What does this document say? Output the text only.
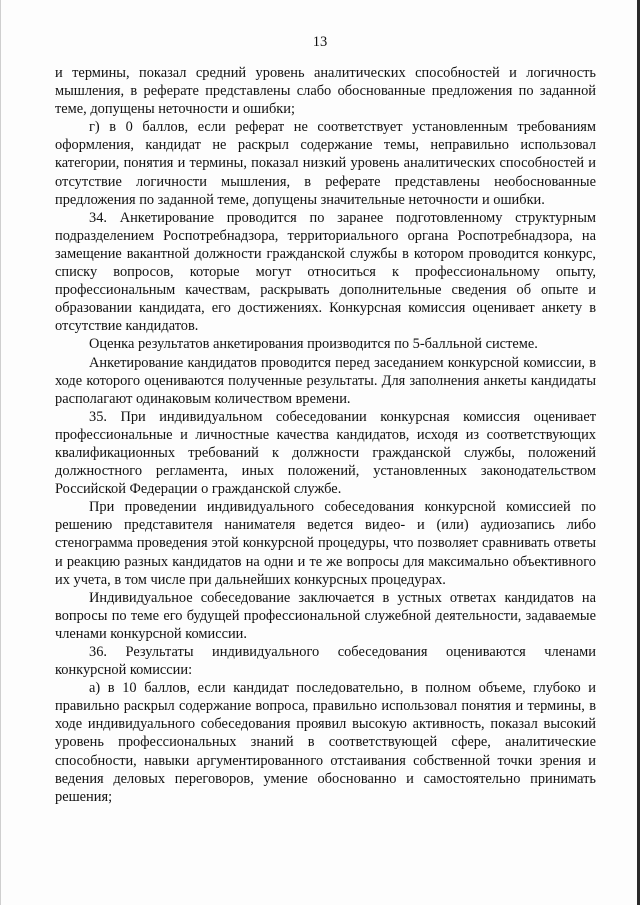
13

и термины, показал средний уровень аналитических способностей и логичность мышления, в реферате представлены слабо обоснованные предложения по заданной теме, допущены неточности и ошибки;

г) в 0 баллов, если реферат не соответствует установленным требованиям оформления, кандидат не раскрыл содержание темы, неправильно использовал категории, понятия и термины, показал низкий уровень аналитических способностей и отсутствие логичности мышления, в реферате представлены необоснованные предложения по заданной теме, допущены значительные неточности и ошибки.

34. Анкетирование проводится по заранее подготовленному структурным подразделением Роспотребнадзора, территориального органа Роспотребнадзора, на замещение вакантной должности гражданской службы в котором проводится конкурс, списку вопросов, которые могут относиться к профессиональному опыту, профессиональным качествам, раскрывать дополнительные сведения об опыте и образовании кандидата, его достижениях. Конкурсная комиссия оценивает анкету в отсутствие кандидатов.

Оценка результатов анкетирования производится по 5-балльной системе.

Анкетирование кандидатов проводится перед заседанием конкурсной комиссии, в ходе которого оцениваются полученные результаты. Для заполнения анкеты кандидаты располагают одинаковым количеством времени.

35. При индивидуальном собеседовании конкурсная комиссия оценивает профессиональные и личностные качества кандидатов, исходя из соответствующих квалификационных требований к должности гражданской службы, положений должностного регламента, иных положений, установленных законодательством Российской Федерации о гражданской службе.

При проведении индивидуального собеседования конкурсной комиссией по решению представителя нанимателя ведется видео- и (или) аудиозапись либо стенограмма проведения этой конкурсной процедуры, что позволяет сравнивать ответы и реакцию разных кандидатов на одни и те же вопросы для максимально объективного их учета, в том числе при дальнейших конкурсных процедурах.

Индивидуальное собеседование заключается в устных ответах кандидатов на вопросы по теме его будущей профессиональной служебной деятельности, задаваемые членами конкурсной комиссии.

36. Результаты индивидуального собеседования оцениваются членами конкурсной комиссии:

а) в 10 баллов, если кандидат последовательно, в полном объеме, глубоко и правильно раскрыл содержание вопроса, правильно использовал понятия и термины, в ходе индивидуального собеседования проявил высокую активность, показал высокий уровень профессиональных знаний в соответствующей сфере, аналитические способности, навыки аргументированного отстаивания собственной точки зрения и ведения деловых переговоров, умение обоснованно и самостоятельно принимать решения;
